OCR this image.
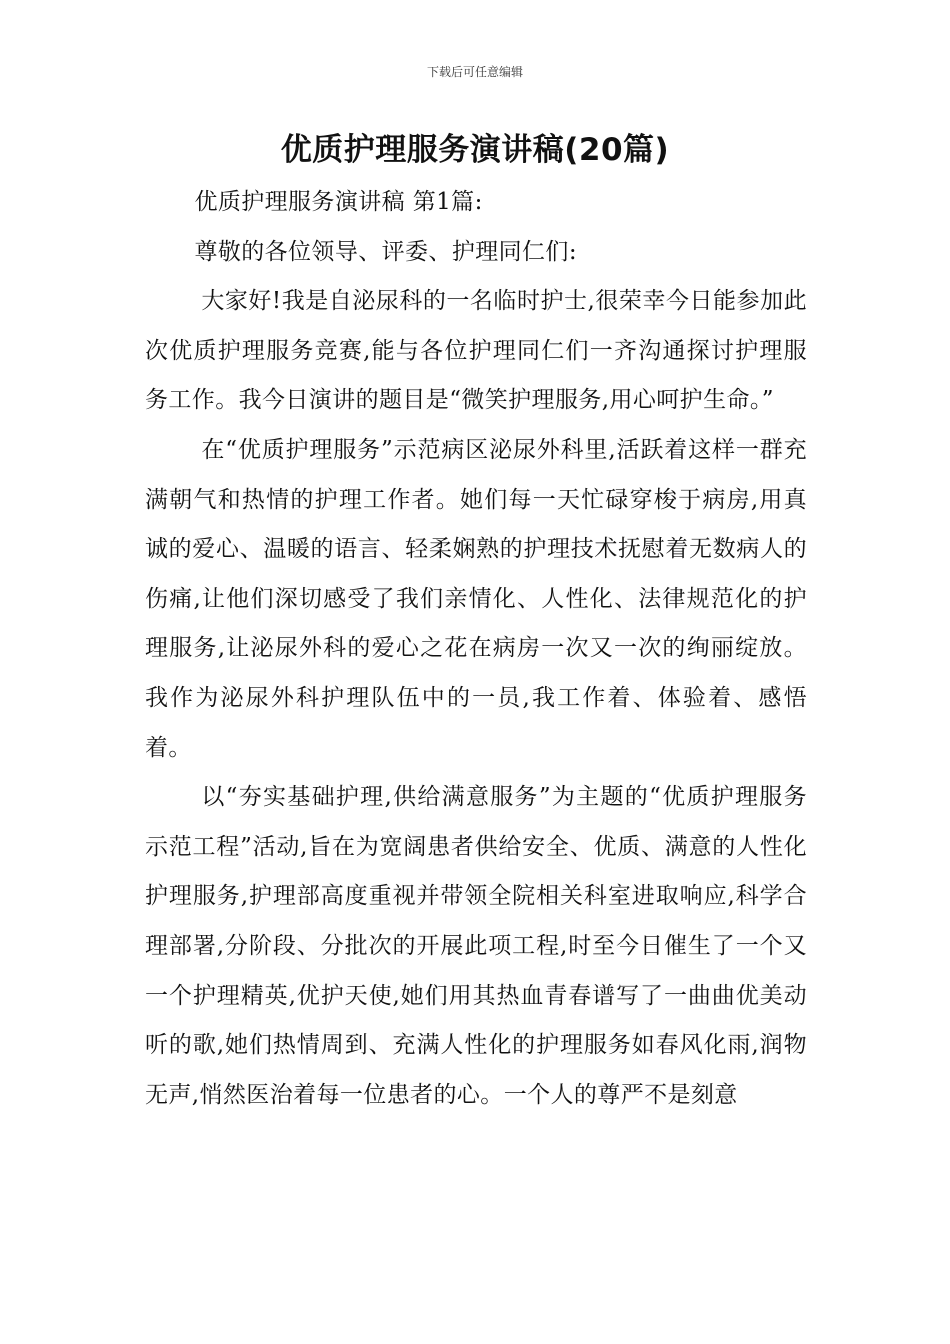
下载后可任意编辑
优质护理服务演讲稿(20篇)

优质护理服务演讲稿 第1篇:

尊敬的各位领导、评委、护理同仁们:

大家好!我是自泌尿科的一名临时护士,很荣幸今日能参加此次优质护理服务竞赛,能与各位护理同仁们一齐沟通探讨护理服务工作。我今日演讲的题目是“微笑护理服务,用心呵护生命。”

在“优质护理服务”示范病区泌尿外科里,活跃着这样一群充满朝气和热情的护理工作者。她们每一天忙碌穿梭于病房,用真诚的爱心、温暖的语言、轻柔娴熟的护理技术抚慰着无数病人的伤痛,让他们深切感受了我们亲情化、人性化、法律规范化的护理服务,让泌尿外科的爱心之花在病房一次又一次的绚丽绽放。我作为泌尿外科护理队伍中的一员,我工作着、体验着、感悟着。

以“夯实基础护理,供给满意服务”为主题的“优质护理服务示范工程”活动,旨在为宽阔患者供给安全、优质、满意的人性化护理服务,护理部高度重视并带领全院相关科室进取响应,科学合理部署,分阶段、分批次的开展此项工程,时至今日催生了一个又一个护理精英,优护天使,她们用其热血青春谱写了一曲曲优美动听的歌,她们热情周到、充满人性化的护理服务如春风化雨,润物无声,悄然医治着每一位患者的心。一个人的尊严不是刻意
